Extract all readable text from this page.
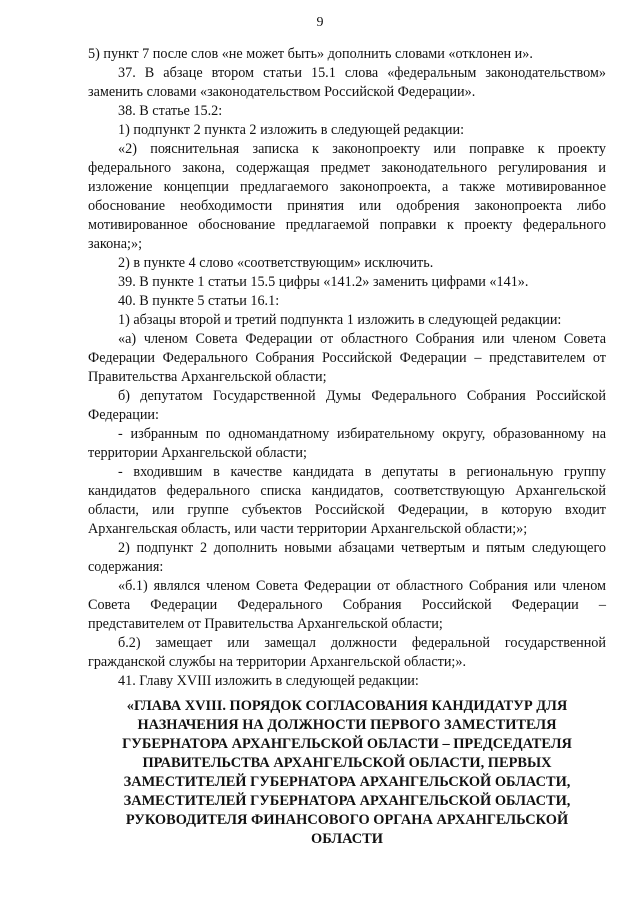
9

5) пункт 7 после слов «не может быть» дополнить словами «отклонен и».

37. В абзаце втором статьи 15.1 слова «федеральным законодательством» заменить словами «законодательством Российской Федерации».

38. В статье 15.2:

1) подпункт 2 пункта 2 изложить в следующей редакции:

«2) пояснительная записка к законопроекту или поправке к проекту федерального закона, содержащая предмет законодательного регулирования и изложение концепции предлагаемого законопроекта, а также мотивированное обоснование необходимости принятия или одобрения законопроекта либо мотивированное обоснование предлагаемой поправки к проекту федерального закона;»;

2) в пункте 4 слово «соответствующим» исключить.

39. В пункте 1 статьи 15.5 цифры «141.2» заменить цифрами «141».

40. В пункте 5 статьи 16.1:

1) абзацы второй и третий подпункта 1 изложить в следующей редакции:

«а) членом Совета Федерации от областного Собрания или членом Совета Федерации Федерального Собрания Российской Федерации – представителем от Правительства Архангельской области;

б) депутатом Государственной Думы Федерального Собрания Российской Федерации:

- избранным по одномандатному избирательному округу, образованному на территории Архангельской области;

- входившим в качестве кандидата в депутаты в региональную группу кандидатов федерального списка кандидатов, соответствующую Архангельской области, или группе субъектов Российской Федерации, в которую входит Архангельская область, или части территории Архангельской области;»;

2) подпункт 2 дополнить новыми абзацами четвертым и пятым следующего содержания:

«б.1) являлся членом Совета Федерации от областного Собрания или членом Совета Федерации Федерального Собрания Российской Федерации – представителем от Правительства Архангельской области;

б.2) замещает или замещал должности федеральной государственной гражданской службы на территории Архангельской области;».

41. Главу XVIII изложить в следующей редакции:

«ГЛАВА XVIII. ПОРЯДОК СОГЛАСОВАНИЯ КАНДИДАТУР ДЛЯ НАЗНАЧЕНИЯ НА ДОЛЖНОСТИ ПЕРВОГО ЗАМЕСТИТЕЛЯ ГУБЕРНАТОРА АРХАНГЕЛЬСКОЙ ОБЛАСТИ – ПРЕДСЕДАТЕЛЯ ПРАВИТЕЛЬСТВА АРХАНГЕЛЬСКОЙ ОБЛАСТИ, ПЕРВЫХ ЗАМЕСТИТЕЛЕЙ ГУБЕРНАТОРА АРХАНГЕЛЬСКОЙ ОБЛАСТИ, ЗАМЕСТИТЕЛЕЙ ГУБЕРНАТОРА АРХАНГЕЛЬСКОЙ ОБЛАСТИ, РУКОВОДИТЕЛЯ ФИНАНСОВОГО ОРГАНА АРХАНГЕЛЬСКОЙ ОБЛАСТИ
